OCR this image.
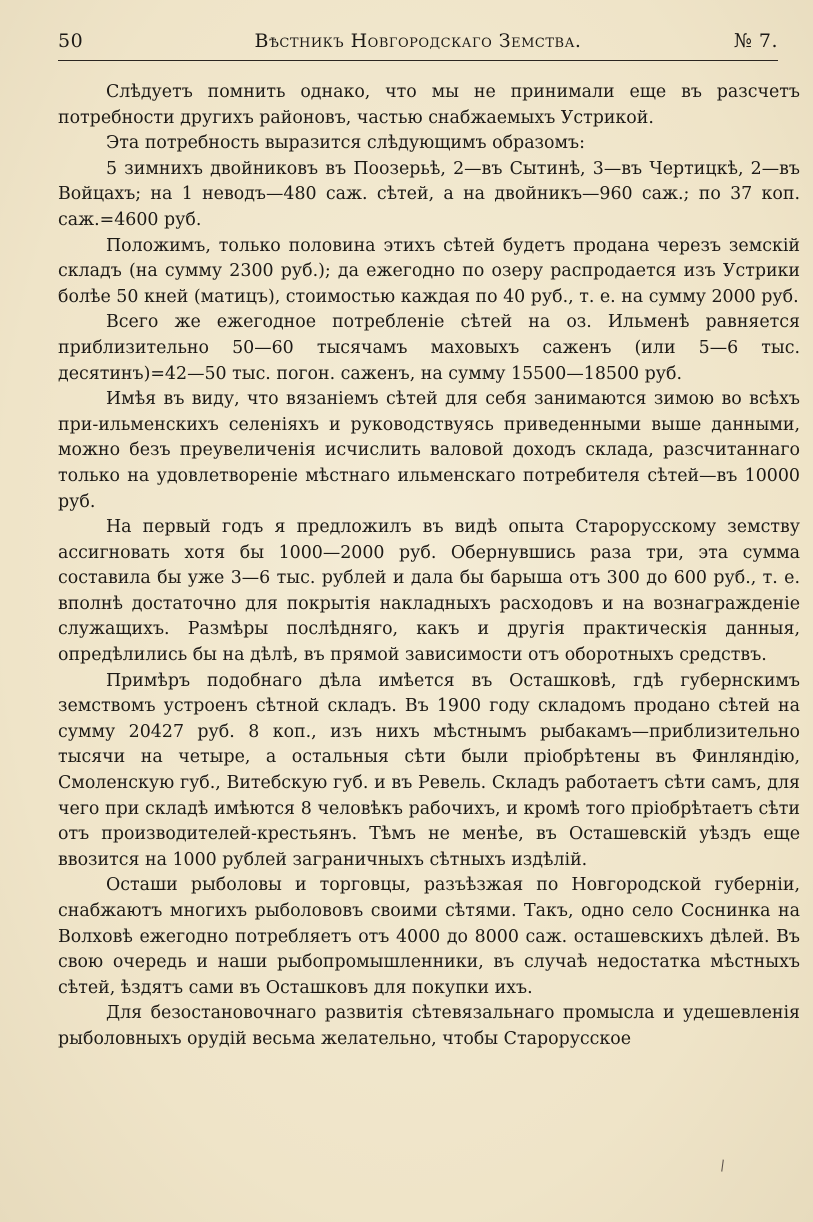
50	Вѣстникъ Новгородскаго Земства.	№ 7.

Слѣдуетъ помнить однако, что мы не принимали еще въ разсчетъ потребности другихъ районовъ, частью снабжаемыхъ Устрикой.

Эта потребность выразится слѣдующимъ образомъ:

5 зимнихъ двойниковъ въ Поозерьѣ, 2—въ Сытинѣ, 3—въ Чертицкѣ, 2—въ Войцахъ; на 1 неводъ—480 саж. сѣтей, а на двойникъ—960 саж.; по 37 коп. саж.=4600 руб.

Положимъ, только половина этихъ сѣтей будетъ продана черезъ земскій складъ (на сумму 2300 руб.); да ежегодно по озеру распродается изъ Устрики болѣе 50 кней (матицъ), стоимостью каждая по 40 руб., т. е. на сумму 2000 руб.

Всего же ежегодное потребленіе сѣтей на оз. Ильменѣ равняется приблизительно 50—60 тысячамъ маховыхъ саженъ (или 5—6 тыс. десятинъ)=42—50 тыс. погон. саженъ, на сумму 15500—18500 руб.

Имѣя въ виду, что вязаніемъ сѣтей для себя занимаются зимою во всѣхъ при-ильменскихъ селеніяхъ и руководствуясь приведенными выше данными, можно безъ преувеличенія исчислить валовой доходъ склада, разсчитаннаго только на удовлетвореніе мѣстнаго ильменскаго потребителя сѣтей—въ 10000 руб.

На первый годъ я предложилъ въ видѣ опыта Старорусскому земству ассигновать хотя бы 1000—2000 руб. Обернувшись раза три, эта сумма составила бы уже 3—6 тыс. рублей и дала бы барыша отъ 300 до 600 руб., т. е. вполнѣ достаточно для покрытія накладныхъ расходовъ и на вознагражденіе служащихъ. Размѣры послѣдняго, какъ и другія практическія данныя, опредѣлились бы на дѣлѣ, въ прямой зависимости отъ оборотныхъ средствъ.

Примѣръ подобнаго дѣла имѣется въ Осташковѣ, гдѣ губернскимъ земствомъ устроенъ сѣтной складъ. Въ 1900 году складомъ продано сѣтей на сумму 20427 руб. 8 коп., изъ нихъ мѣстнымъ рыбакамъ—приблизительно тысячи на четыре, а остальныя сѣти были пріобрѣтены въ Финляндію, Смоленскую губ., Витебскую губ. и въ Ревель. Складъ работаетъ сѣти самъ, для чего при складѣ имѣются 8 человѣкъ рабочихъ, и кромѣ того пріобрѣтаетъ сѣти отъ производителей-крестьянъ. Тѣмъ не менѣе, въ Осташевскій уѣздъ еще ввозится на 1000 рублей заграничныхъ сѣтныхъ издѣлій.

Осташи рыболовы и торговцы, разъѣзжая по Новгородской губерніи, снабжаютъ многихъ рыболововъ своими сѣтями. Такъ, одно село Соснинка на Волховѣ ежегодно потребляетъ отъ 4000 до 8000 саж. осташевскихъ дѣлей. Въ свою очередь и наши рыбопромышленники, въ случаѣ недостатка мѣстныхъ сѣтей, ѣздятъ сами въ Осташковъ для покупки ихъ.

Для безостановочнаго развитія сѣтевязальнаго промысла и удешевленія рыболовныхъ орудій весьма желательно, чтобы Старорусское

\
